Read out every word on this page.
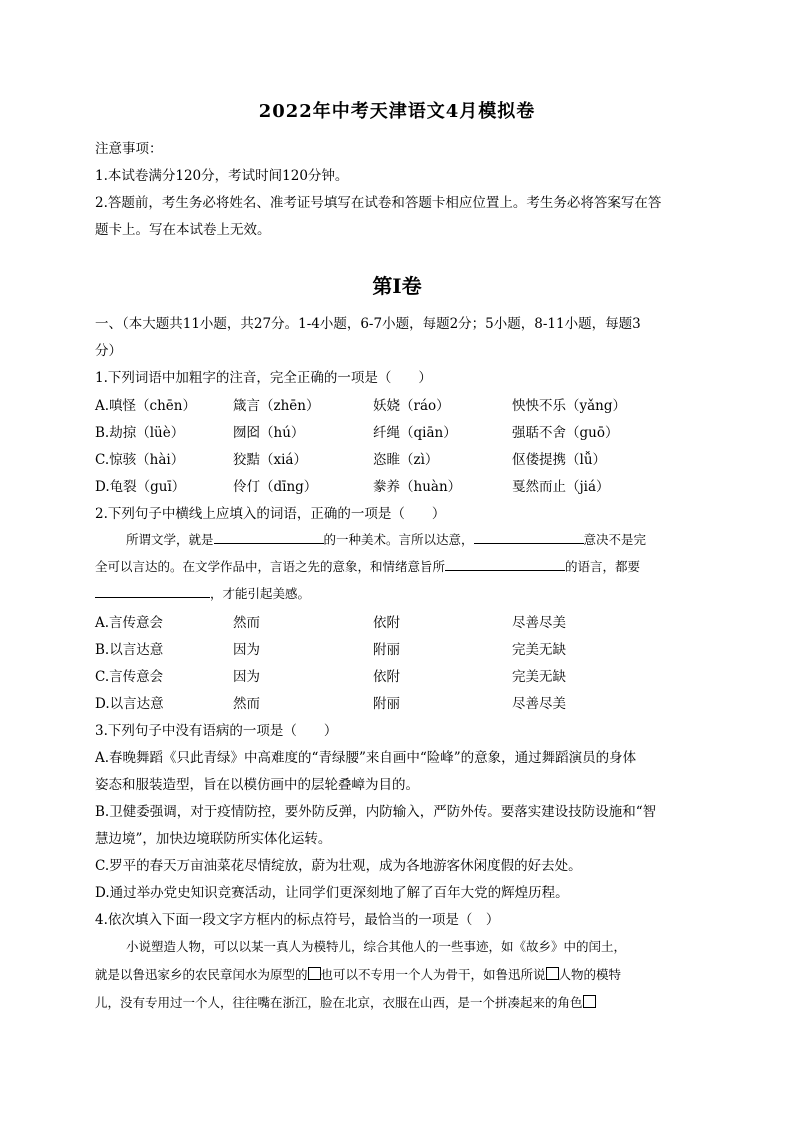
2022年中考天津语文4月模拟卷
注意事项：
1.本试卷满分120分，考试时间120分钟。
2.答题前，考生务必将姓名、准考证号填写在试卷和答题卡相应位置上。考生务必将答案写在答
题卡上。写在本试卷上无效。
第I卷
一、（本大题共11小题，共27分。1-4小题，6-7小题，每题2分；5小题，8-11小题，每题3
分）
1.下列词语中加粗字的注音，完全正确的一项是（　　）
A.嗔怪（chēn）	箴言（zhēn）	妖娆（ráo）	怏怏不乐（yǎng）
B.劫掠（lüè）	囫囵（hú）	纤绳（qiān）	强聒不舍（guō）
C.惊骇（hài）	狡黠（xiá）	恣睢（zì）	伛偻提携（lǚ）
D.龟裂（guī）	伶仃（dīng）	豢养（huàn）	戛然而止（jiá）
2.下列句子中横线上应填入的词语，正确的一项是（　　）
所谓文学，就是	的一种美术。言所以达意，	意决不是完
全可以言达的。在文学作品中，言语之先的意象，和情绪意旨所	的语言，都要
，才能引起美感。
A.言传意会	然而	依附	尽善尽美
B.以言达意	因为	附丽	完美无缺
C.言传意会	因为	依附	完美无缺
D.以言达意	然而	附丽	尽善尽美
3.下列句子中没有语病的一项是（　　）
A.春晚舞蹈《只此青绿》中高难度的“青绿腰”来自画中“险峰”的意象，通过舞蹈演员的身体
姿态和服装造型，旨在以模仿画中的层轮叠嶂为目的。
B.卫健委强调，对于疫情防控，要外防反弹，内防输入，严防外传。要落实建设技防设施和“智
慧边境”，加快边境联防所实体化运转。
C.罗平的春天万亩油菜花尽情绽放，蔚为壮观，成为各地游客休闲度假的好去处。
D.通过举办党史知识竞赛活动，让同学们更深刻地了解了百年大党的辉煌历程。
4.依次填入下面一段文字方框内的标点符号，最恰当的一项是（　）
小说塑造人物，可以以某一真人为模特儿，综合其他人的一些事迹，如《故乡》中的闰土，
就是以鲁迅家乡的农民章闰水为原型的 也可以不专用一个人为骨干，如鲁迅所说 人物的模特
儿，没有专用过一个人，往往嘴在浙江，脸在北京，衣服在山西，是一个拼凑起来的角色
